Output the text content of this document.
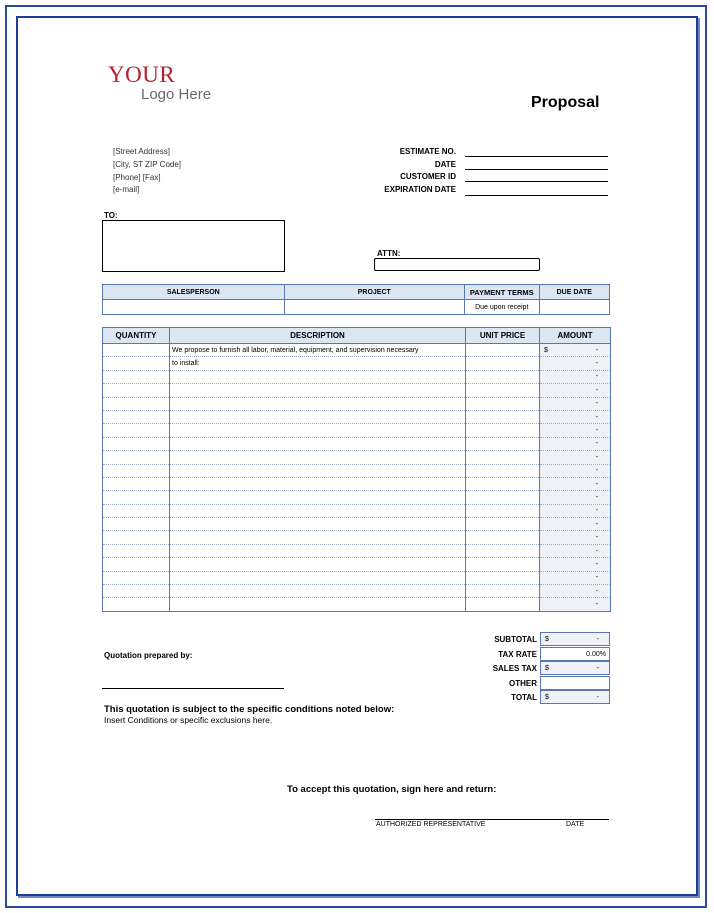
YOUR
Logo Here	Proposal
[Street Address]
[City, ST ZIP Code]
[Phone] [Fax]
[e-mail]
ESTIMATE NO.
DATE
CUSTOMER ID
EXPIRATION DATE
TO:
ATTN:
SALESPERSON	PROJECT	PAYMENT TERMS	DUE DATE
		Due upon receipt	
QUANTITY	DESCRIPTION	UNIT PRICE	AMOUNT
	We propose to furnish all labor, material, equipment, and supervision necessary		$ -
	to install:		-
			-
			-
			-
			-
			-
			-
			-
			-
			-
			-
			-
			-
			-
			-
			-
			-
			-
			-
SUBTOTAL $	-
TAX RATE	0.00%
SALES TAX $	-
OTHER
TOTAL $	-
Quotation prepared by:
This quotation is subject to the specific conditions noted below:
Insert Conditions or specific exclusions here.
To accept this quotation, sign here and return:
AUTHORIZED REPRESENTATIVE	DATE
